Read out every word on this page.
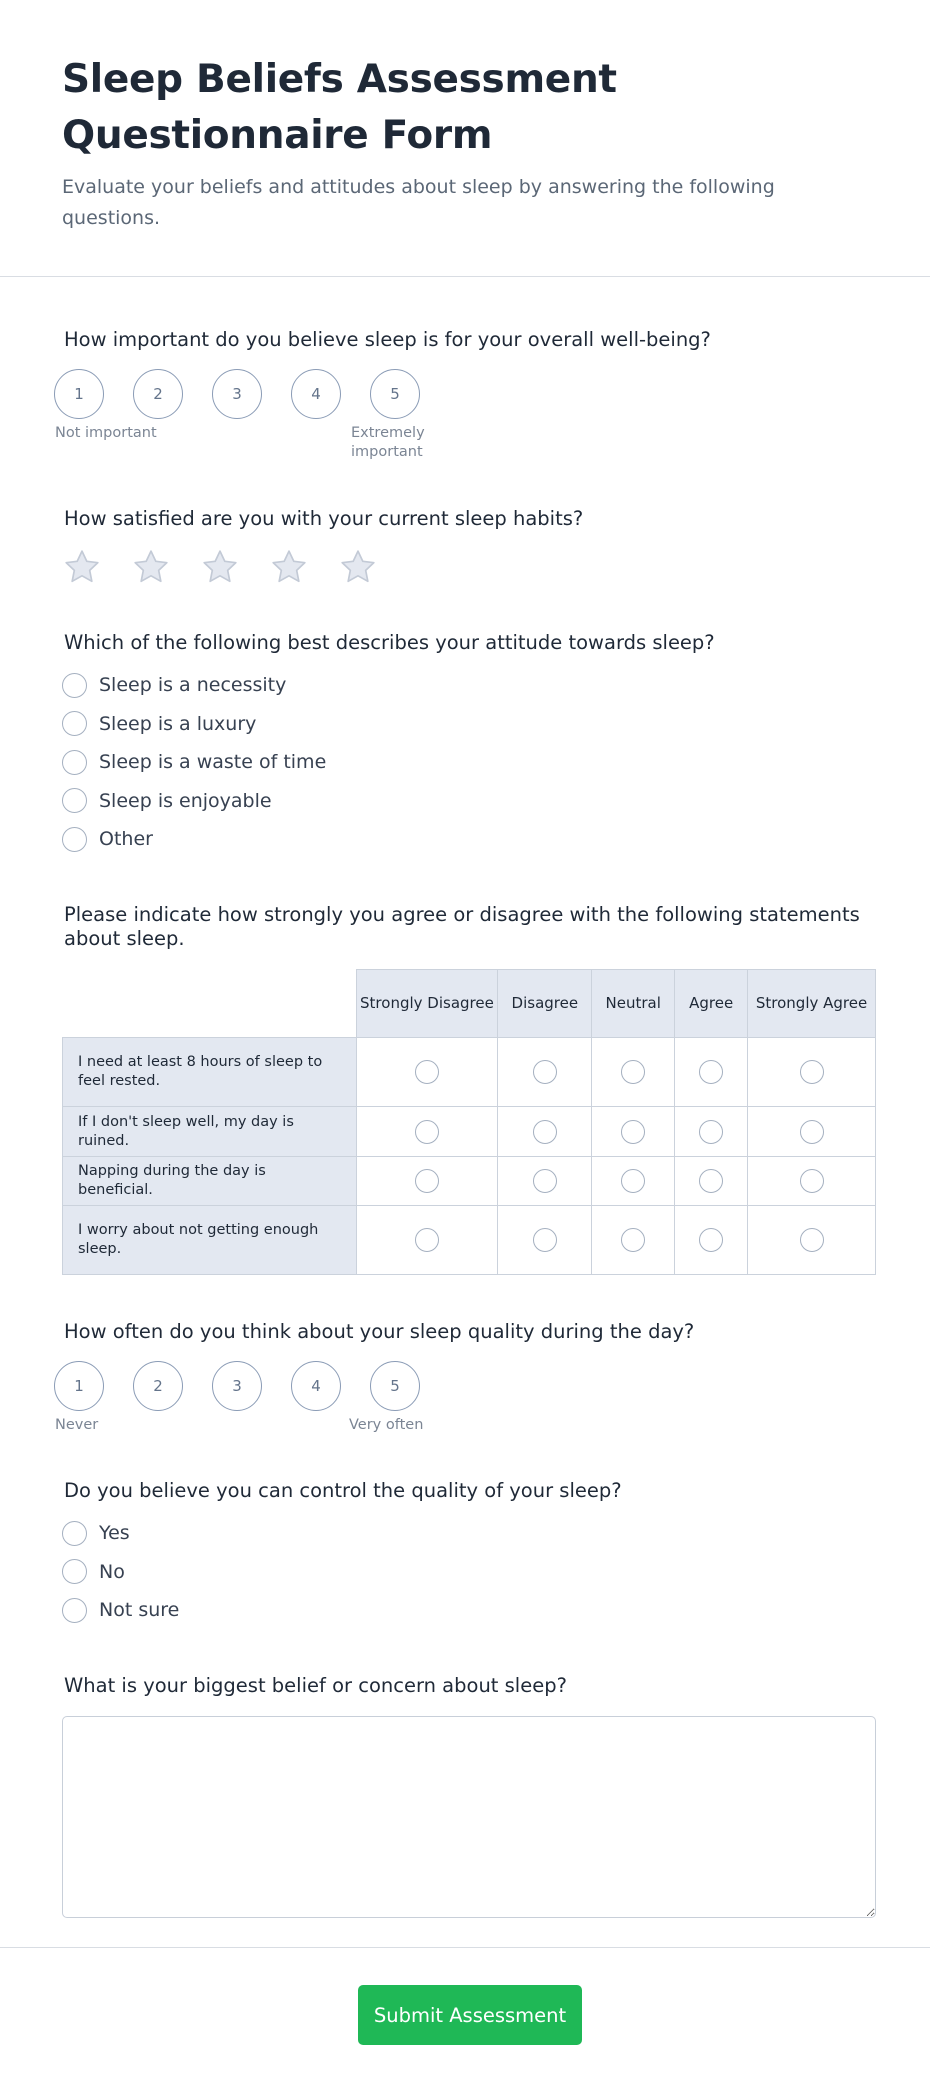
Sleep Beliefs Assessment Questionnaire Form
Evaluate your beliefs and attitudes about sleep by answering the following questions.
How important do you believe sleep is for your overall well-being?
1	2	3	4	5
Not important	Extremely important
How satisfied are you with your current sleep habits?
Which of the following best describes your attitude towards sleep?
Sleep is a necessity
Sleep is a luxury
Sleep is a waste of time
Sleep is enjoyable
Other
Please indicate how strongly you agree or disagree with the following statements about sleep.
	Strongly Disagree	Disagree	Neutral	Agree	Strongly Agree
I need at least 8 hours of sleep to feel rested.					
If I don't sleep well, my day is ruined.					
Napping during the day is beneficial.					
I worry about not getting enough sleep.					
How often do you think about your sleep quality during the day?
1	2	3	4	5
Never	Very often
Do you believe you can control the quality of your sleep?
Yes
No
Not sure
What is your biggest belief or concern about sleep?
Submit Assessment
